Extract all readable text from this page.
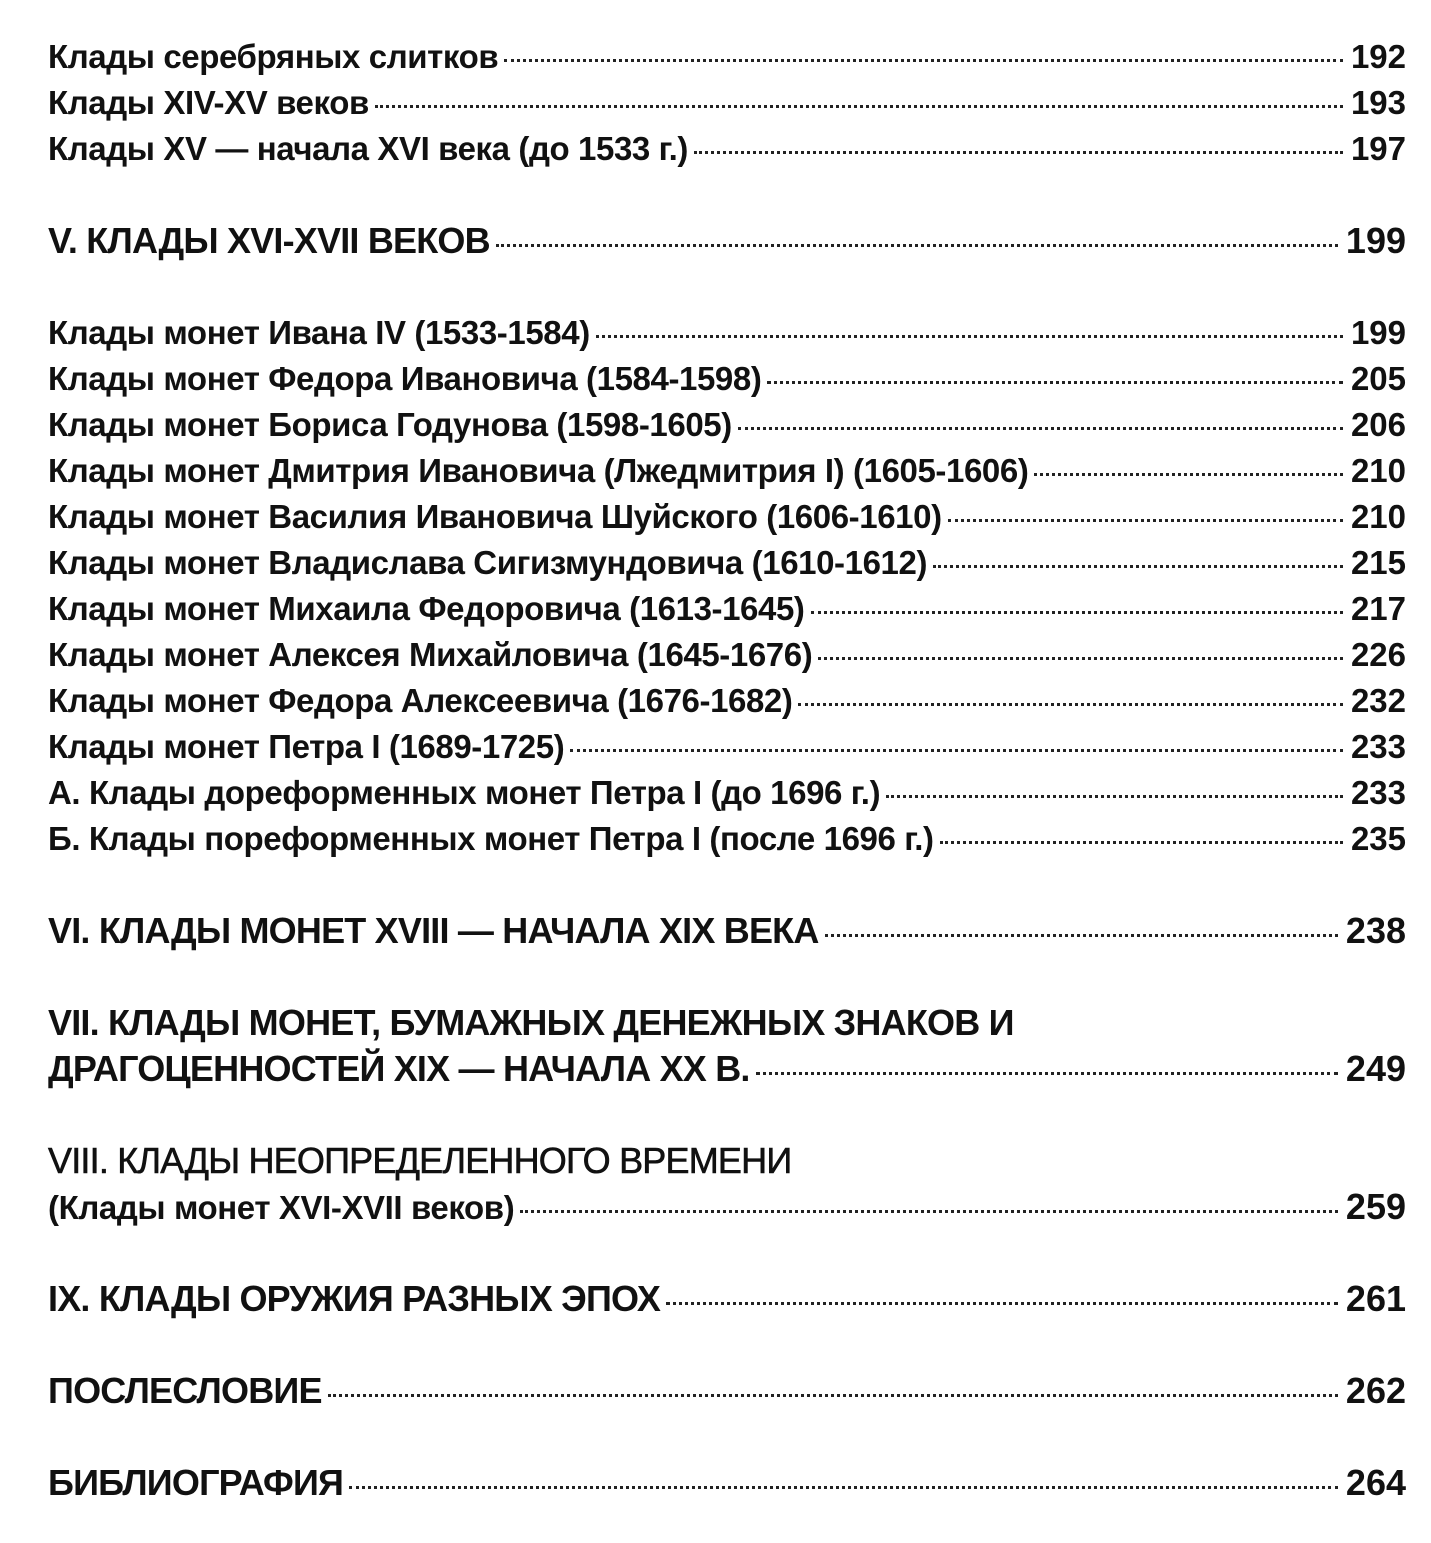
Клады серебряных слитков	192
Клады XIV-XV веков	193
Клады XV — начала XVI века (до 1533 г.)	197
V. КЛАДЫ XVI-XVII ВЕКОВ	199
Клады монет Ивана IV (1533-1584)	199
Клады монет Федора Ивановича (1584-1598)	205
Клады монет Бориса Годунова (1598-1605)	206
Клады монет Дмитрия Ивановича (Лжедмитрия I) (1605-1606)	210
Клады монет Василия Ивановича Шуйского (1606-1610)	210
Клады монет Владислава Сигизмундовича (1610-1612)	215
Клады монет Михаила Федоровича (1613-1645)	217
Клады монет Алексея Михайловича (1645-1676)	226
Клады монет Федора Алексеевича (1676-1682)	232
Клады монет Петра I (1689-1725)	233
А. Клады дореформенных монет Петра I (до 1696 г.)	233
Б. Клады пореформенных монет Петра I (после 1696 г.)	235
VI. КЛАДЫ МОНЕТ XVIII — НАЧАЛА XIX ВЕКА	238
VII. КЛАДЫ МОНЕТ, БУМАЖНЫХ ДЕНЕЖНЫХ ЗНАКОВ И
ДРАГОЦЕННОСТЕЙ XIX — НАЧАЛА XX В.	249
VIII. КЛАДЫ НЕОПРЕДЕЛЕННОГО ВРЕМЕНИ
(Клады монет XVI-XVII веков)	259
IX. КЛАДЫ ОРУЖИЯ РАЗНЫХ ЭПОХ	261
ПОСЛЕСЛОВИЕ	262
БИБЛИОГРАФИЯ	264
